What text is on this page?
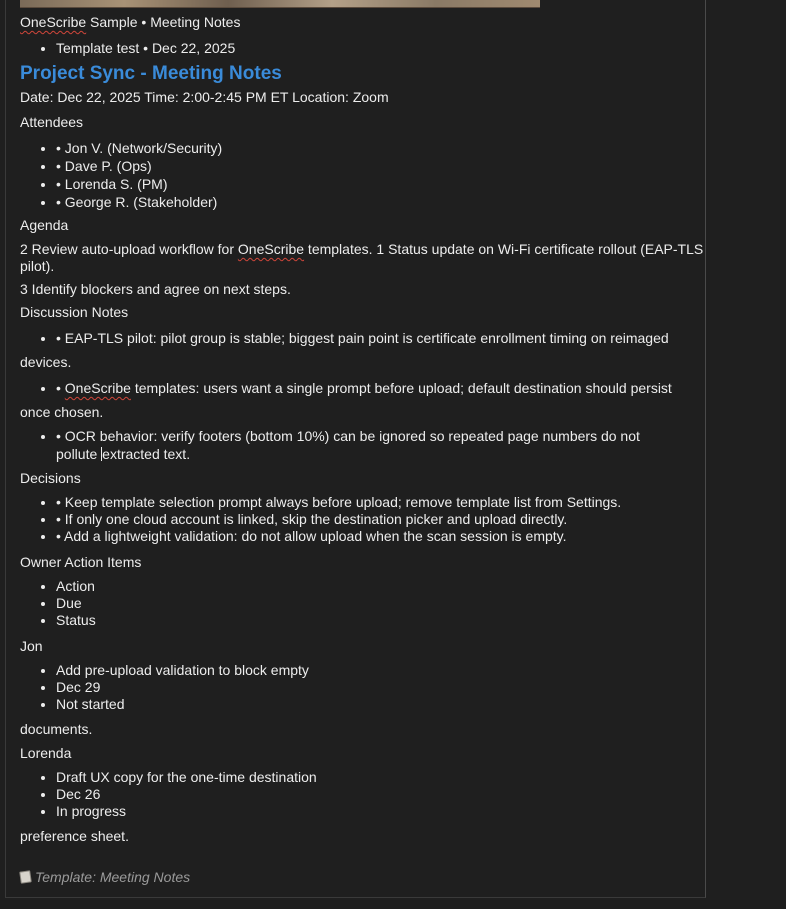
OneScribe Sample • Meeting Notes

• Template test • Dec 22, 2025
Project Sync - Meeting Notes

Date: Dec 22, 2025 Time: 2:00-2:45 PM ET Location: Zoom

Attendees

• • Jon V. (Network/Security)
• • Dave P. (Ops)
• • Lorenda S. (PM)
• • George R. (Stakeholder)

Agenda

2 Review auto-upload workflow for OneScribe templates. 1 Status update on Wi-Fi certificate rollout (EAP-TLS pilot).

3 Identify blockers and agree on next steps.

Discussion Notes

• • EAP-TLS pilot: pilot group is stable; biggest pain point is certificate enrollment timing on reimaged

devices.

• • OneScribe templates: users want a single prompt before upload; default destination should persist

once chosen.

• • OCR behavior: verify footers (bottom 10%) can be ignored so repeated page numbers do not pollute extracted text.

Decisions

• • Keep template selection prompt always before upload; remove template list from Settings.
• • If only one cloud account is linked, skip the destination picker and upload directly.
• • Add a lightweight validation: do not allow upload when the scan session is empty.

Owner Action Items

• Action
• Due
• Status

Jon

• Add pre-upload validation to block empty
• Dec 29
• Not started

documents.

Lorenda

• Draft UX copy for the one-time destination
• Dec 26
• In progress

preference sheet.

Template: Meeting Notes
